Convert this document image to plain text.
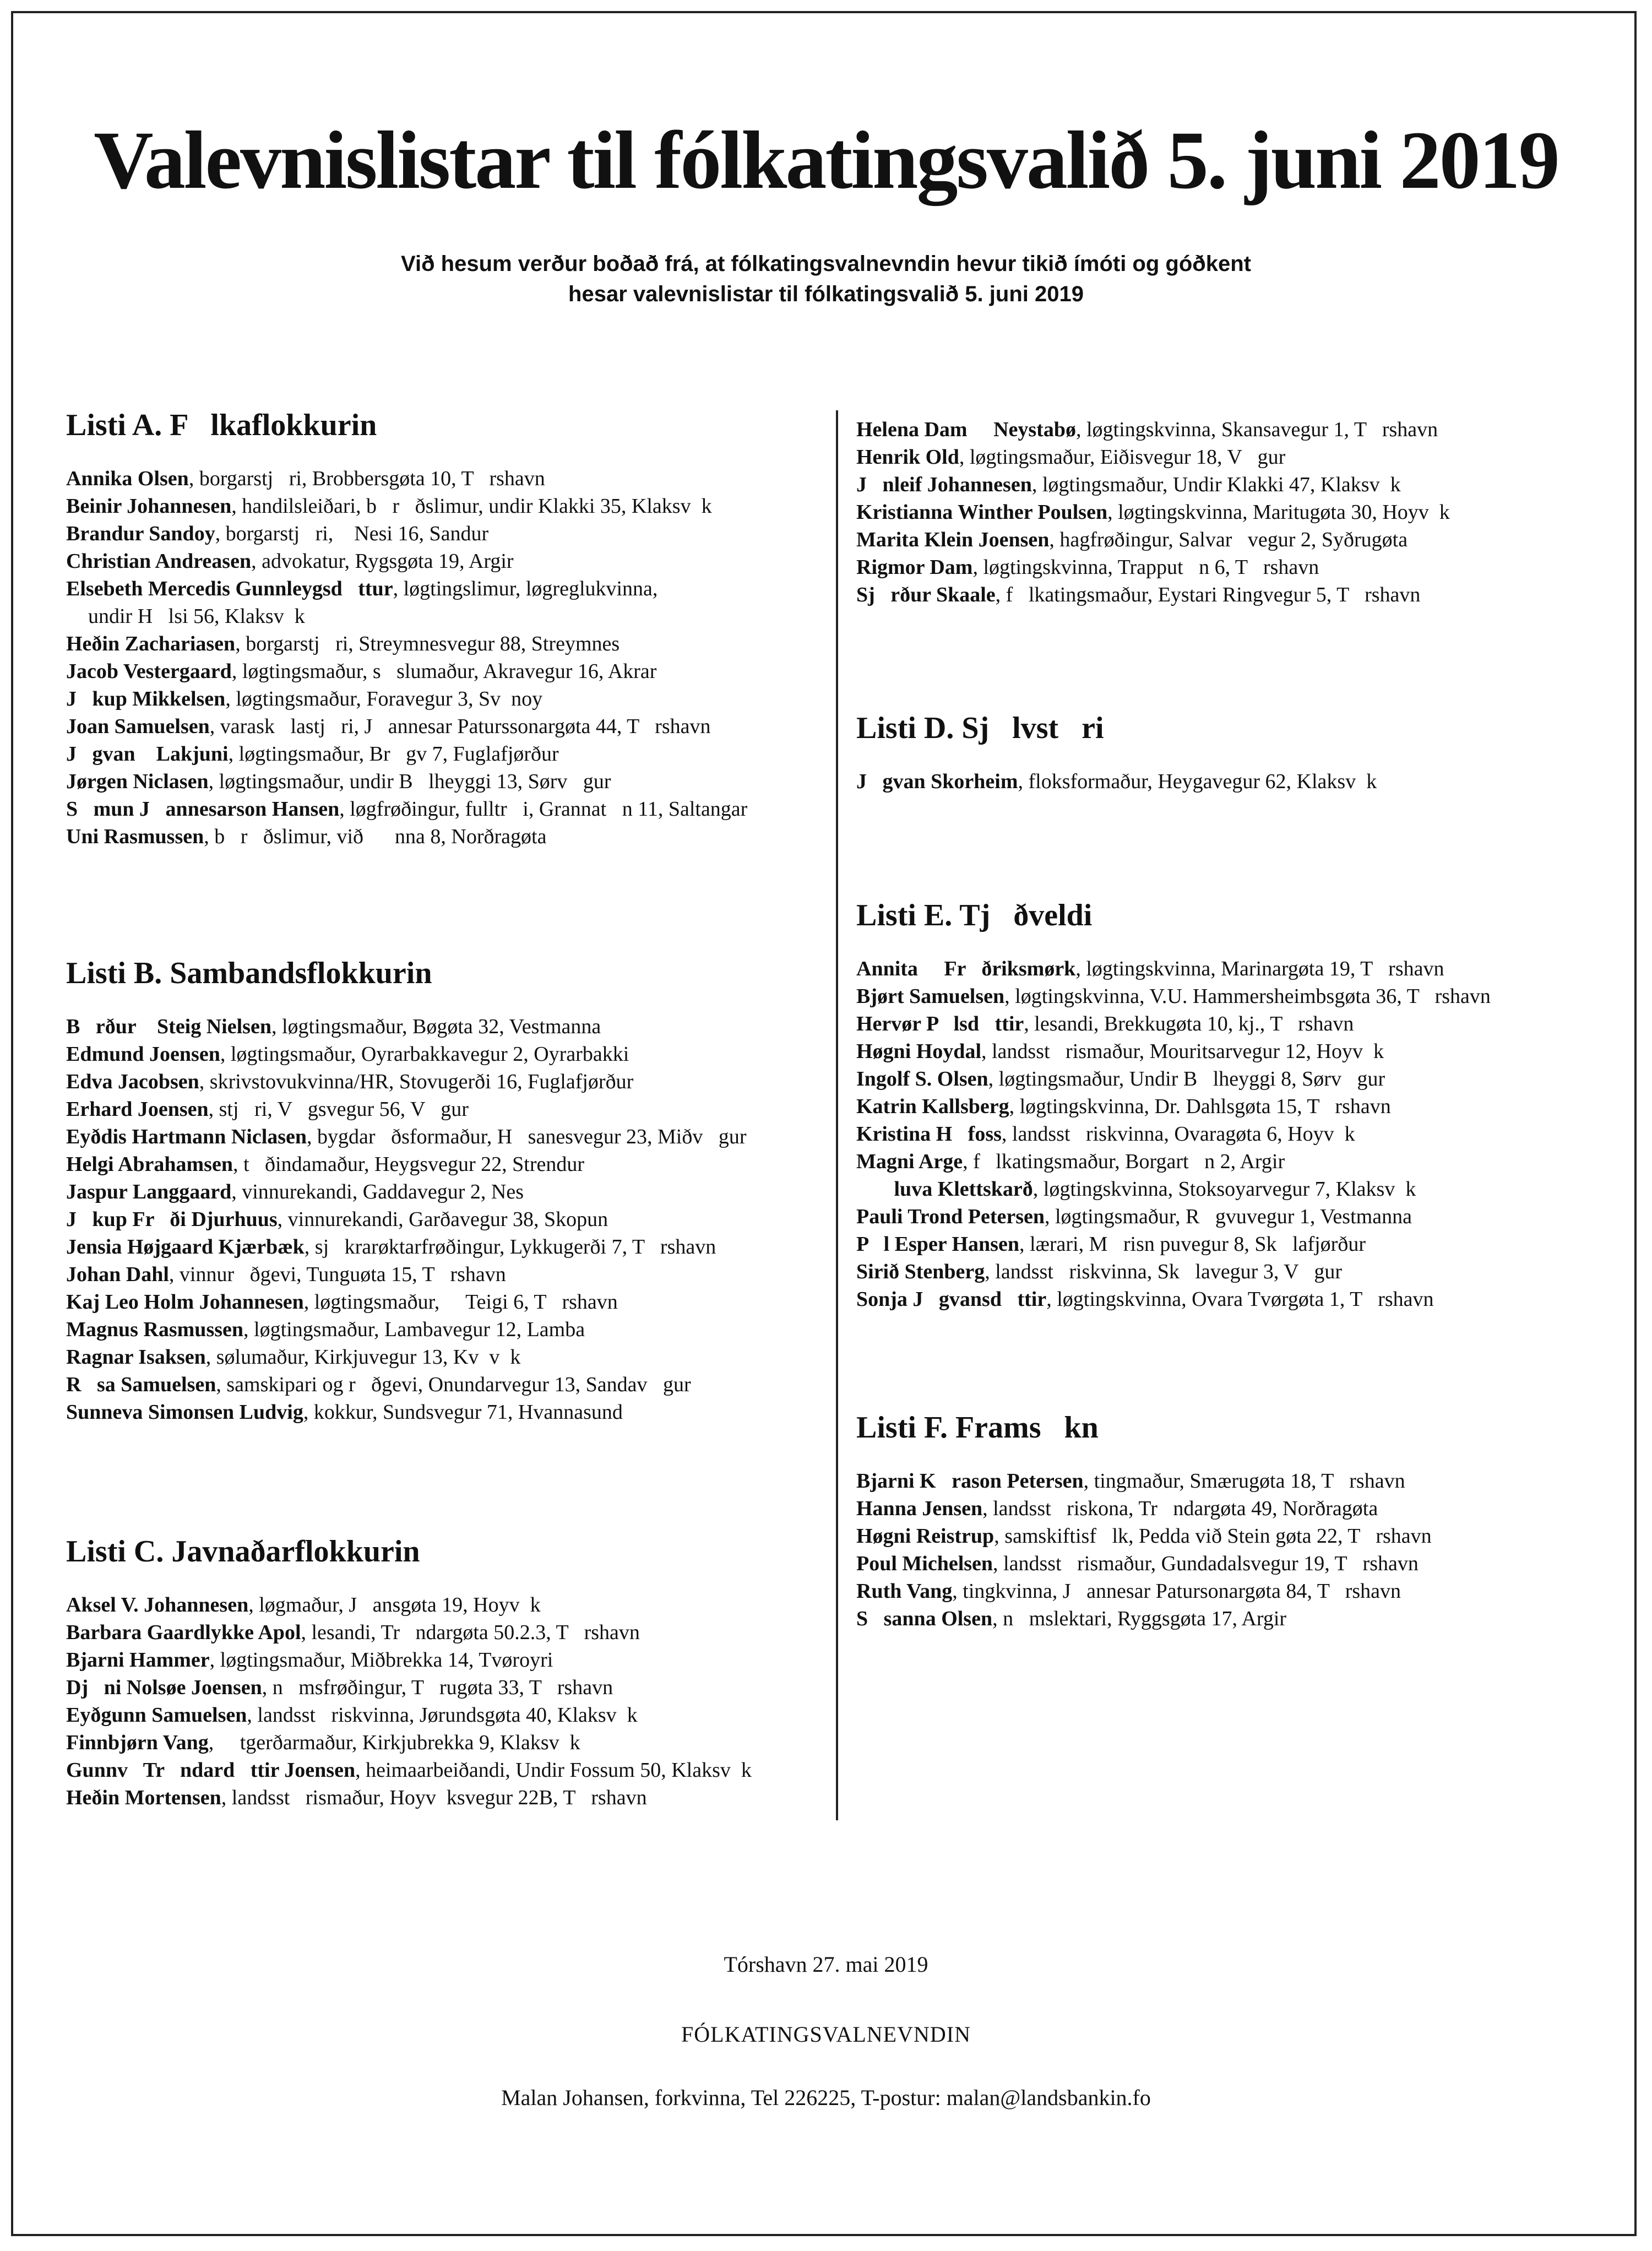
Valevnislistar til fólkatingsvalið 5. juni 2019
Við hesum verður boðað frá, at fólkatingsvalnevndin hevur tikið ímóti og góðkent
hesar valevnislistar til fólkatingsvalið 5. juni 2019
Listi A. F   lkaflokkurin
Annika Olsen, borgarstj   ri, Brobbersgøta 10, T   rshavn
Beinir Johannesen, handilsleiðari, b   r   ðslimur, undir Klakki 35, Klaksv  k
Brandur Sandoy, borgarstj   ri,    Nesi 16, Sandur
Christian Andreasen, advokatur, Rygsgøta 19, Argir
Elsebeth Mercedis Gunnleygsd   ttur, løgtingslimur, løgreglukvinna,
undir H   lsi 56, Klaksv  k
Heðin Zachariasen, borgarstj   ri, Streymnesvegur 88, Streymnes
Jacob Vestergaard, løgtingsmaður, s   slumaður, Akravegur 16, Akrar
J   kup Mikkelsen, løgtingsmaður, Foravegur 3, Sv  noy
Joan Samuelsen, varask   lastj   ri, J   annesar Paturssonargøta 44, T   rshavn
J   gvan    Lakjuni, løgtingsmaður, Br   gv 7, Fuglafjørður
Jørgen Niclasen, løgtingsmaður, undir B   lheyggi 13, Sørv   gur
S   mun J   annesarson Hansen, løgfrøðingur, fulltr   i, Grannat   n 11, Saltangar
Uni Rasmussen, b   r   ðslimur, við      nna 8, Norðragøta
Listi B. Sambandsflokkurin
B   rður    Steig Nielsen, løgtingsmaður, Bøgøta 32, Vestmanna
Edmund Joensen, løgtingsmaður, Oyrarbakkavegur 2, Oyrarbakki
Edva Jacobsen, skrivstovukvinna/HR, Stovugerði 16, Fuglafjørður
Erhard Joensen, stj   ri, V   gsvegur 56, V   gur
Eyðdis Hartmann Niclasen, bygdar   ðsformaður, H   sanesvegur 23, Miðv   gur
Helgi Abrahamsen, t   ðindamaður, Heygsvegur 22, Strendur
Jaspur Langgaard, vinnurekandi, Gaddavegur 2, Nes
J   kup Fr   ði Djurhuus, vinnurekandi, Garðavegur 38, Skopun
Jensia Højgaard Kjærbæk, sj   krarøktarfrøðingur, Lykkugerði 7, T   rshavn
Johan Dahl, vinnur   ðgevi, Tunguøta 15, T   rshavn
Kaj Leo Holm Johannesen, løgtingsmaður,     Teigi 6, T   rshavn
Magnus Rasmussen, løgtingsmaður, Lambavegur 12, Lamba
Ragnar Isaksen, sølumaður, Kirkjuvegur 13, Kv  v  k
R   sa Samuelsen, samskipari og r   ðgevi, Onundarvegur 13, Sandav   gur
Sunneva Simonsen Ludvig, kokkur, Sundsvegur 71, Hvannasund
Listi C. Javnaðarflokkurin
Aksel V. Johannesen, løgmaður, J   ansgøta 19, Hoyv  k
Barbara Gaardlykke Apol, lesandi, Tr   ndargøta 50.2.3, T   rshavn
Bjarni Hammer, løgtingsmaður, Miðbrekka 14, Tvøroyri
Dj   ni Nolsøe Joensen, n   msfrøðingur, T   rugøta 33, T   rshavn
Eyðgunn Samuelsen, landsst   riskvinna, Jørundsgøta 40, Klaksv  k
Finnbjørn Vang,     tgerðarmaður, Kirkjubrekka 9, Klaksv  k
Gunnv   Tr   ndard   ttir Joensen, heimaarbeiðandi, Undir Fossum 50, Klaksv  k
Heðin Mortensen, landsst   rismaður, Hoyv  ksvegur 22B, T   rshavn
Helena Dam     Neystabø, løgtingskvinna, Skansavegur 1, T   rshavn
Henrik Old, løgtingsmaður, Eiðisvegur 18, V   gur
J   nleif Johannesen, løgtingsmaður, Undir Klakki 47, Klaksv  k
Kristianna Winther Poulsen, løgtingskvinna, Maritugøta 30, Hoyv  k
Marita Klein Joensen, hagfrøðingur, Salvar   vegur 2, Syðrugøta
Rigmor Dam, løgtingskvinna, Trapput   n 6, T   rshavn
Sj   rður Skaale, f   lkatingsmaður, Eystari Ringvegur 5, T   rshavn
Listi D. Sj   lvst   ri
J   gvan Skorheim, floksformaður, Heygavegur 62, Klaksv  k
Listi E. Tj   ðveldi
Annita     Fr   ðriksmørk, løgtingskvinna, Marinargøta 19, T   rshavn
Bjørt Samuelsen, løgtingskvinna, V.U. Hammersheimbsgøta 36, T   rshavn
Hervør P   lsd   ttir, lesandi, Brekkugøta 10, kj., T   rshavn
Høgni Hoydal, landsst   rismaður, Mouritsarvegur 12, Hoyv  k
Ingolf S. Olsen, løgtingsmaður, Undir B   lheyggi 8, Sørv   gur
Katrin Kallsberg, løgtingskvinna, Dr. Dahlsgøta 15, T   rshavn
Kristina H   foss, landsst   riskvinna, Ovaragøta 6, Hoyv  k
Magni Arge, f   lkatingsmaður, Borgart   n 2, Argir
luva Klettskarð, løgtingskvinna, Stoksoyarvegur 7, Klaksv  k
Pauli Trond Petersen, løgtingsmaður, R   gvuvegur 1, Vestmanna
P   l Esper Hansen, lærari, M   risn puvegur 8, Sk   lafjørður
Sirið Stenberg, landsst   riskvinna, Sk   lavegur 3, V   gur
Sonja J   gvansd   ttir, løgtingskvinna, Ovara Tvørgøta 1, T   rshavn
Listi F. Frams   kn
Bjarni K   rason Petersen, tingmaður, Smærugøta 18, T   rshavn
Hanna Jensen, landsst   riskona, Tr   ndargøta 49, Norðragøta
Høgni Reistrup, samskiftisf   lk, Pedda við Stein gøta 22, T   rshavn
Poul Michelsen, landsst   rismaður, Gundadalsvegur 19, T   rshavn
Ruth Vang, tingkvinna, J   annesar Patursonargøta 84, T   rshavn
S   sanna Olsen, n   mslektari, Ryggsgøta 17, Argir
Tórshavn 27. mai 2019
FÓLKATINGSVALNEVNDIN
Malan Johansen, forkvinna, Tel 226225, T-postur: malan@landsbankin.fo
